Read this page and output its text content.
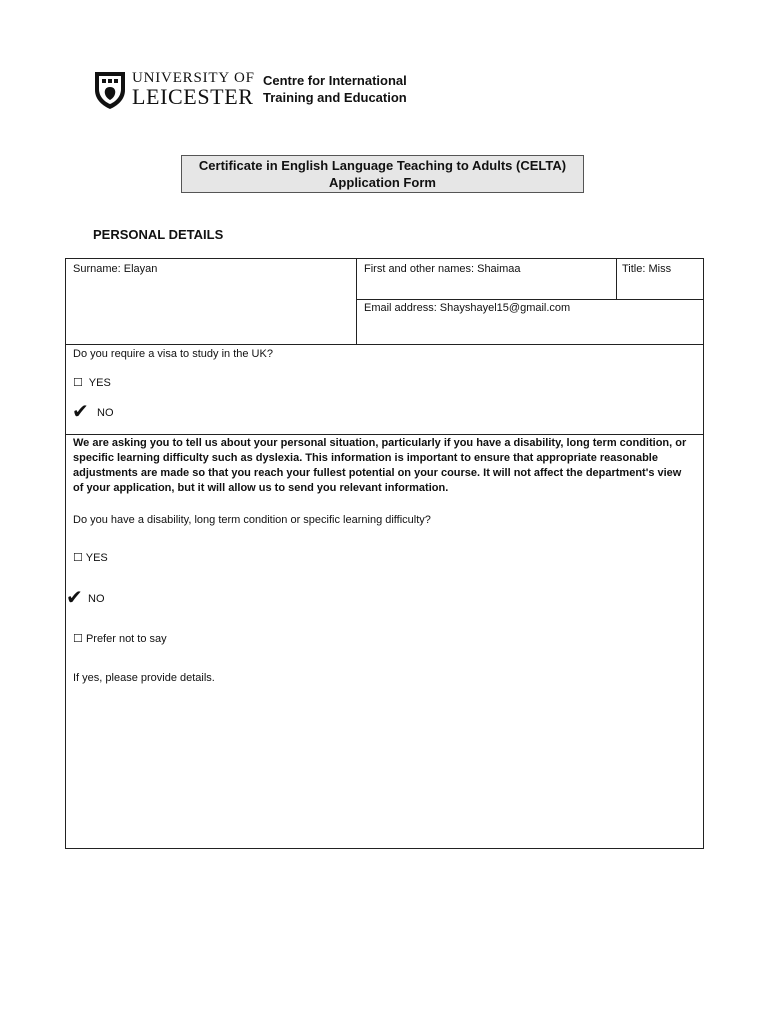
UNIVERSITY OF
LEICESTER
Centre for International
Training and Education
Certificate in English Language Teaching to Adults (CELTA)
Application Form
PERSONAL DETAILS
Surname: Elayan	First and other names: Shaimaa	Title: Miss
Email address: Shayshayel15@gmail.com
Do you require a visa to study in the UK?
☐ YES
✔ NO
We are asking you to tell us about your personal situation, particularly if you have a disability, long term condition, or specific learning difficulty such as dyslexia. This information is important to ensure that appropriate reasonable adjustments are made so that you reach your fullest potential on your course. It will not affect the department's view of your application, but it will allow us to send you relevant information.
Do you have a disability, long term condition or specific learning difficulty?
☐ YES
✔ NO
☐ Prefer not to say
If yes, please provide details.
